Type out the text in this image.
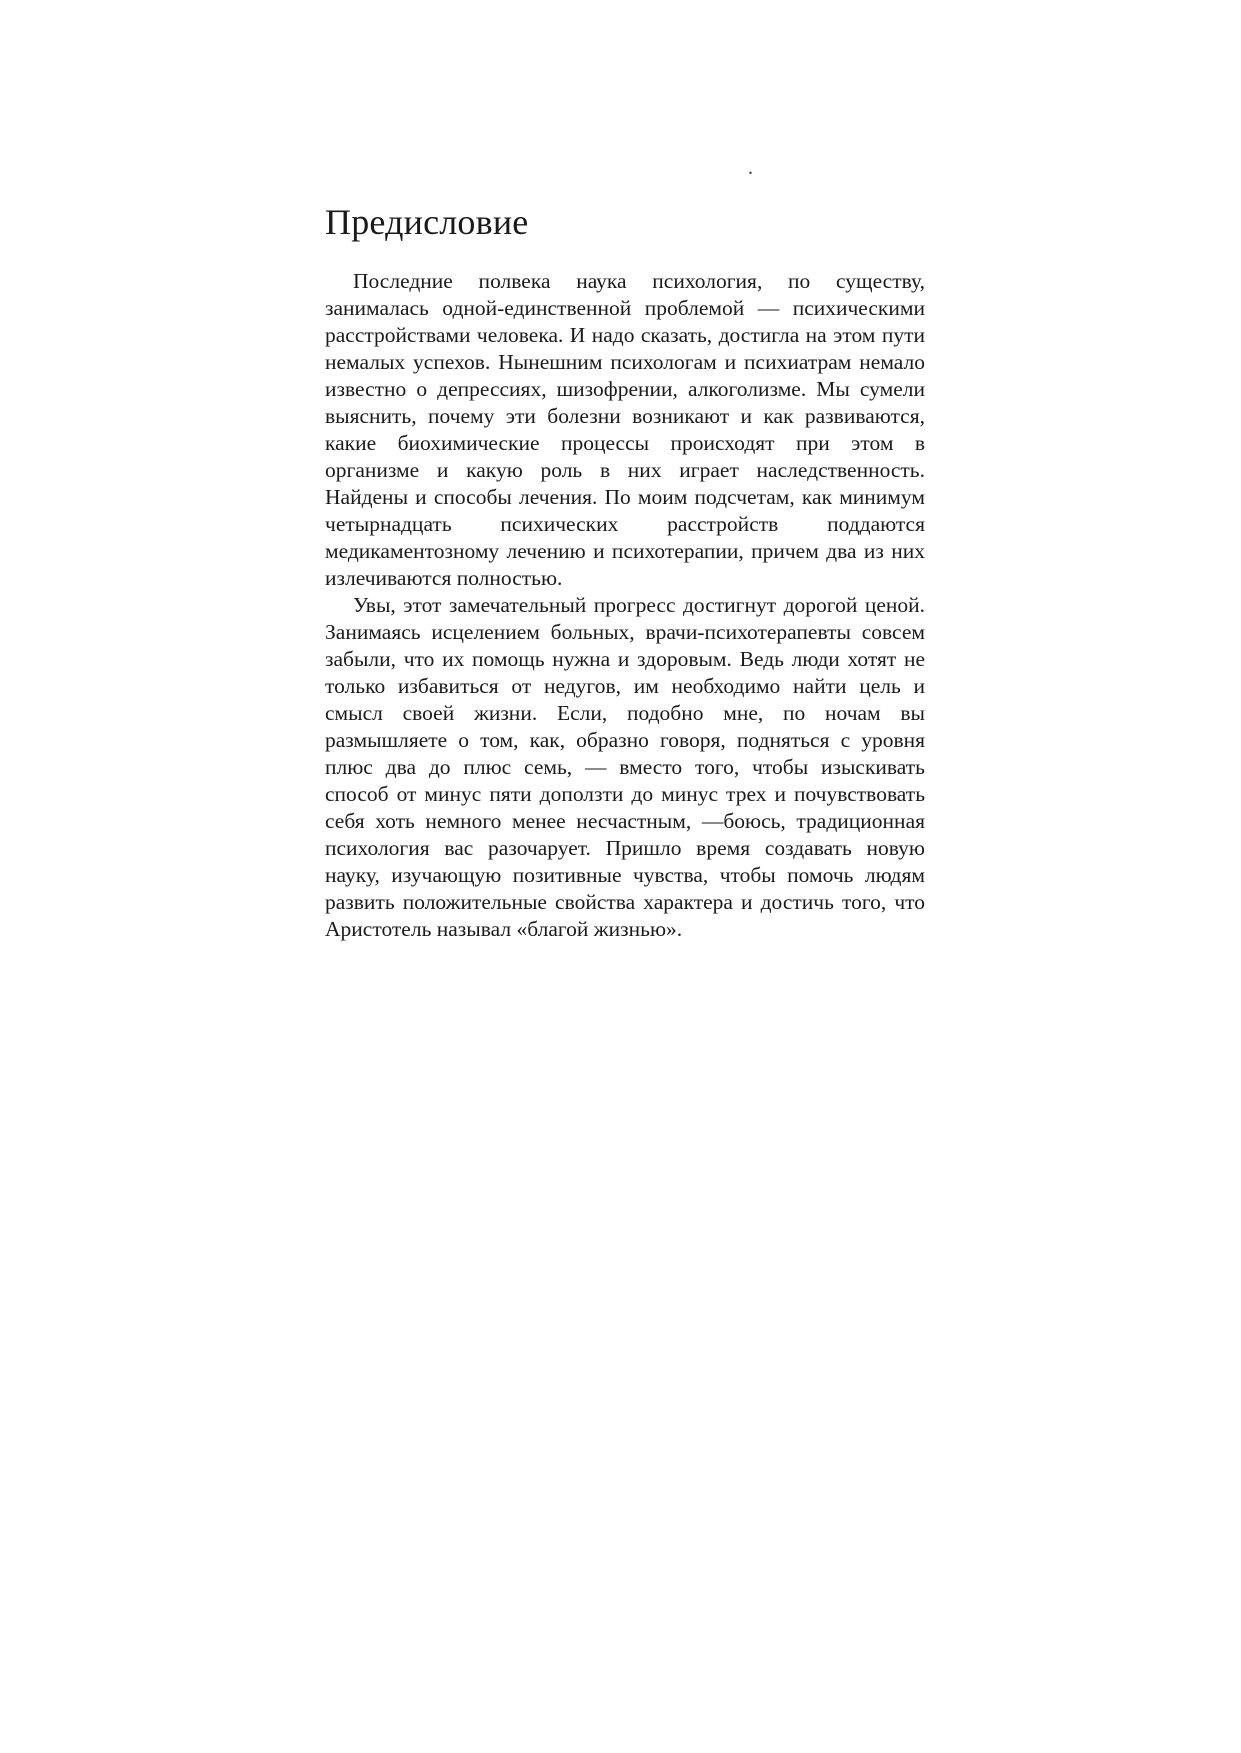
.
Предисловие

Последние полвека наука психология, по существу, занималась одной-единственной проблемой — психическими расстройствами человека. И надо сказать, достигла на этом пути немалых успехов. Нынешним психологам и психиатрам немало известно о депрессиях, шизофрении, алкоголизме. Мы сумели выяснить, почему эти болезни возникают и как развиваются, какие биохимические процессы происходят при этом в организме и какую роль в них играет наследственность. Найдены и способы лечения. По моим подсчетам, как минимум четырнадцать психических расстройств поддаются медикаментозному лечению и психотерапии, причем два из них излечиваются полностью.

Увы, этот замечательный прогресс достигнут дорогой ценой. Занимаясь исцелением больных, врачи-психотерапевты совсем забыли, что их помощь нужна и здоровым. Ведь люди хотят не только избавиться от недугов, им необходимо найти цель и смысл своей жизни. Если, подобно мне, по ночам вы размышляете о том, как, образно говоря, подняться с уровня плюс два до плюс семь, — вместо того, чтобы изыскивать способ от минус пяти доползти до минус трех и почувствовать себя хоть немного менее несчастным, —боюсь, традиционная психология вас разочарует. Пришло время создавать новую науку, изучающую позитивные чувства, чтобы помочь людям развить положительные свойства характера и достичь того, что Аристотель называл «благой жизнью».
